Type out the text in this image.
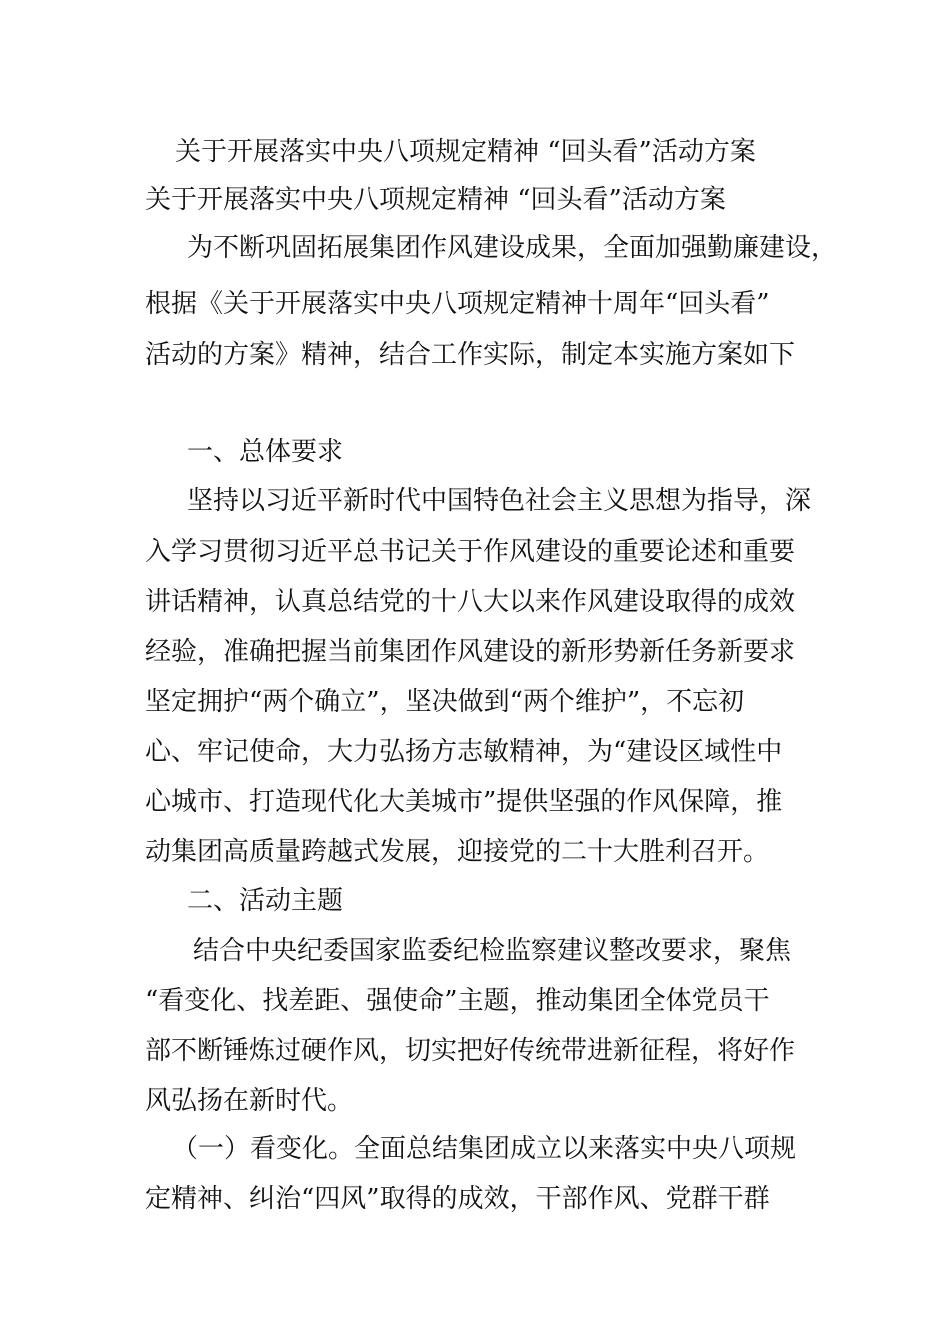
关于开展落实中央八项规定精神 “回头看”活动方案
关于开展落实中央八项规定精神 “回头看”活动方案
为不断巩固拓展集团作风建设成果，全面加强勤廉建设，
根据《关于开展落实中央八项规定精神十周年“回头看”
活动的方案》精神，结合工作实际，制定本实施方案如下
一、总体要求
坚持以习近平新时代中国特色社会主义思想为指导，深
入学习贯彻习近平总书记关于作风建设的重要论述和重要
讲话精神，认真总结党的十八大以来作风建设取得的成效
经验，准确把握当前集团作风建设的新形势新任务新要求
坚定拥护“两个确立”，坚决做到“两个维护”，不忘初
心、牢记使命，大力弘扬方志敏精神，为“建设区域性中
心城市、打造现代化大美城市”提供坚强的作风保障，推
动集团高质量跨越式发展，迎接党的二十大胜利召开。
二、活动主题
结合中央纪委国家监委纪检监察建议整改要求，聚焦
“看变化、找差距、强使命”主题，推动集团全体党员干
部不断锤炼过硬作风，切实把好传统带进新征程，将好作
风弘扬在新时代。
（一）看变化。全面总结集团成立以来落实中央八项规
定精神、纠治“四风”取得的成效，干部作风、党群干群
